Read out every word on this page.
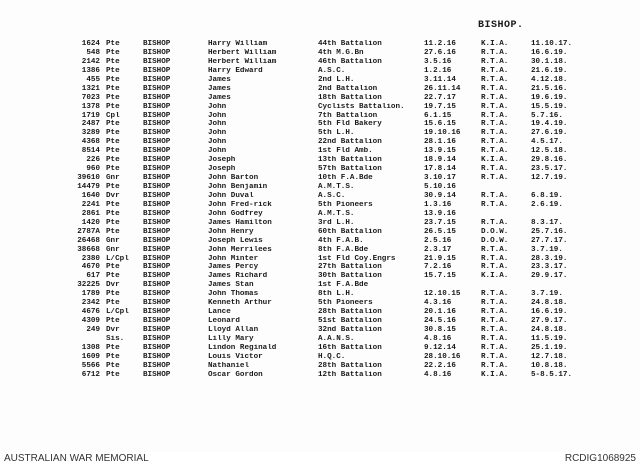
BISHOP.
1624 Pte	BISHOP	Harry William	44th Battalion	11.2.16	K.I.A.	11.10.17.
548 Pte	BISHOP	Herbert William	4th M.G.Bn	27.6.16	R.T.A.	16.6.19.
2142 Pte	BISHOP	Herbert William	46th Battalion	3.5.16	R.T.A.	30.1.18.
1386 Pte	BISHOP	Harry Edward	A.S.C.	1.2.16	R.T.A.	21.6.19.
455 Pte	BISHOP	James	2nd L.H.	3.11.14	R.T.A.	4.12.18.
1321 Pte	BISHOP	James	2nd Battalion	26.11.14	R.T.A.	21.5.16.
7023 Pte	BISHOP	James	18th Battalion	22.7.17	R.T.A.	19.6.19.
1378 Pte	BISHOP	John	Cyclists Battalion.	19.7.15	R.T.A.	15.5.19.
1719 Cpl	BISHOP	John	7th Battalion	6.1.15	R.T.A.	5.7.16.
2487 Pte	BISHOP	John	5th Fld Bakery	15.6.15	R.T.A.	19.4.19.
3289 Pte	BISHOP	John	5th L.H.	19.10.16	R.T.A.	27.6.19.
4368 Pte	BISHOP	John	22nd Battalion	28.1.16	R.T.A.	4.5.17.
8514 Pte	BISHOP	John	1st Fld Amb.	13.9.15	R.T.A.	12.5.18.
226 Pte	BISHOP	Joseph	13th Battalion	18.9.14	K.I.A.	29.8.16.
960 Pte	BISHOP	Joseph	57th Battalion	17.8.14	R.T.A.	23.5.17.
39610 Gnr	BISHOP	John Barton	10th F.A.Bde	3.10.17	R.T.A.	12.7.19.
14479 Pte	BISHOP	John Benjamin	A.M.T.S.	5.10.16
1640 Dvr	BISHOP	John Duval	A.S.C.	30.9.14	R.T.A.	6.8.19.
2241 Pte	BISHOP	John Fred-rick	5th Pioneers	1.3.16	R.T.A.	2.6.19.
2861 Pte	BISHOP	John Godfrey	A.M.T.S.	13.9.16
1420 Pte	BISHOP	James Hamilton	3rd L.H.	23.7.15	R.T.A.	8.3.17.
2787A Pte	BISHOP	John Henry	60th Battalion	26.5.15	D.O.W.	25.7.16.
26468 Gnr	BISHOP	Joseph Lewis	4th F.A.B.	2.5.16	D.O.W.	27.7.17.
38668 Gnr	BISHOP	John Merrilees	8th F.A.Bde	2.3.17	R.T.A.	3.7.19.
2380 L/Cpl	BISHOP	John Minter	1st Fld Coy.Engrs	21.9.15	R.T.A.	28.3.19.
4670 Pte	BISHOP	James Percy	27th Battalion	7.2.16	R.T.A.	23.3.17.
617 Pte	BISHOP	James Richard	30th Battalion	15.7.15	K.I.A.	29.9.17.
32225 Dvr	BISHOP	James Stan	1st F.A.Bde
1789 Pte	BISHOP	John Thomas	8th L.H.	12.10.15	R.T.A.	3.7.19.
2342 Pte	BISHOP	Kenneth Arthur	5th Pioneers	4.3.16	R.T.A.	24.8.18.
4676 L/Cpl	BISHOP	Lance	28th Battalion	20.1.16	R.T.A.	16.6.19.
4309 Pte	BISHOP	Leonard	51st Battalion	24.5.16	R.T.A.	27.9.17.
249 Dvr	BISHOP	Lloyd Allan	32nd Battalion	30.8.15	R.T.A.	24.8.18.
Sis.	BISHOP	Lilly Mary	A.A.N.S.	4.8.16	R.T.A.	11.5.19.
1308 Pte	BISHOP	Lindon Reginald	16th Battalion	9.12.14	R.T.A.	25.1.19.
1609 Pte	BISHOP	Louis Victor	H.Q.C.	28.10.16	R.T.A.	12.7.18.
5566 Pte	BISHOP	Nathaniel	28th Battalion	22.2.16	R.T.A.	10.8.18.
6712 Pte	BISHOP	Oscar Gordon	12th Battalion	4.8.16	K.I.A.	5-8.5.17.
AUSTRALIAN WAR MEMORIAL	RCDIG1068925
